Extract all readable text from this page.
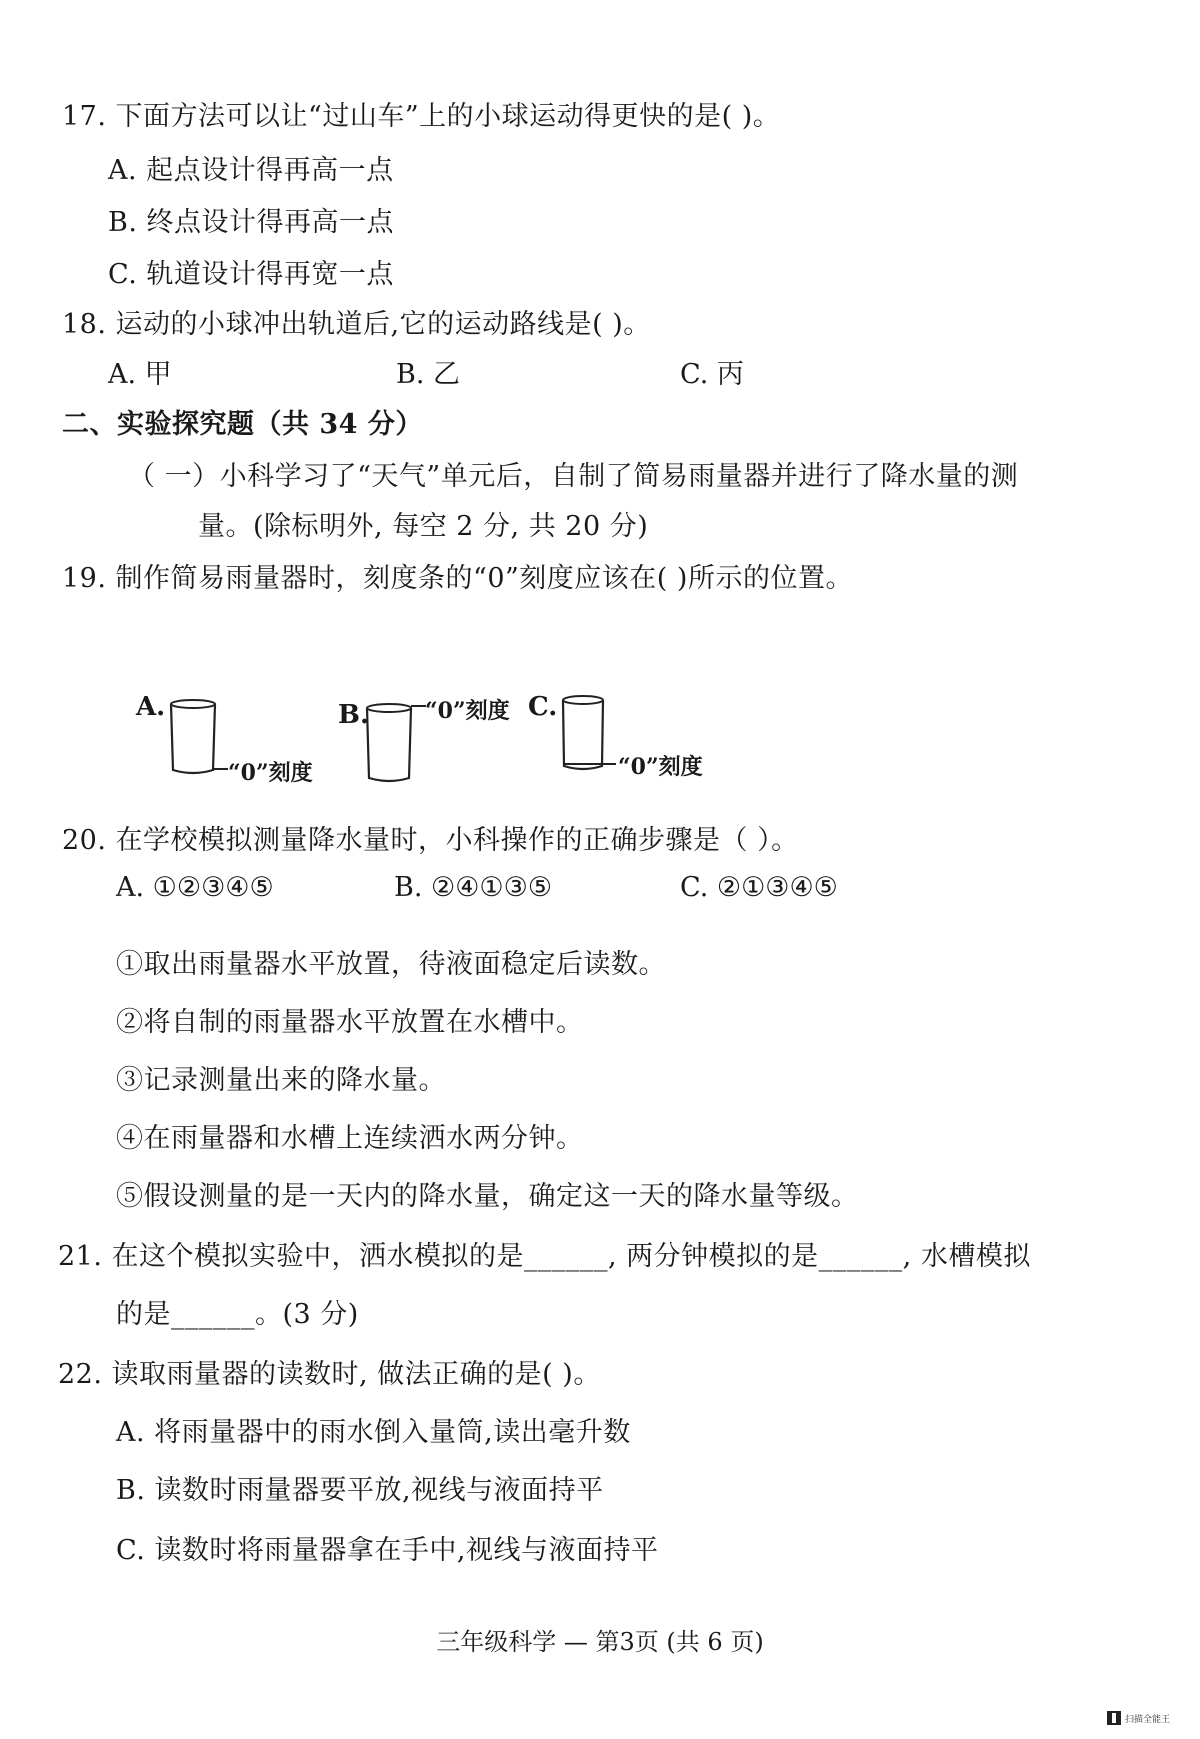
17. 下面方法可以让“过山车”上的小球运动得更快的是( )。
A. 起点设计得再高一点
B. 终点设计得再高一点
C. 轨道设计得再宽一点
18. 运动的小球冲出轨道后,它的运动路线是( )。
A. 甲	B. 乙	C. 丙
二、实验探究题（共 34 分）
（ 一）小科学习了“天气”单元后，自制了简易雨量器并进行了降水量的测
量。(除标明外, 每空 2 分, 共 20 分)
19. 制作简易雨量器时，刻度条的“0”刻度应该在( )所示的位置。
A.	B.	C.
“0”刻度
“0”刻度
“0”刻度
20. 在学校模拟测量降水量时，小科操作的正确步骤是（ ）。
A. ①②③④⑤	B. ②④①③⑤	C. ②①③④⑤
①取出雨量器水平放置，待液面稳定后读数。
②将自制的雨量器水平放置在水槽中。
③记录测量出来的降水量。
④在雨量器和水槽上连续洒水两分钟。
⑤假设测量的是一天内的降水量，确定这一天的降水量等级。
21. 在这个模拟实验中，洒水模拟的是______, 两分钟模拟的是______, 水槽模拟
的是______。(3 分)
22. 读取雨量器的读数时, 做法正确的是( )。
A. 将雨量器中的雨水倒入量筒,读出毫升数
B. 读数时雨量器要平放,视线与液面持平
C. 读数时将雨量器拿在手中,视线与液面持平
三年级科学 — 第3页 (共 6 页)
扫描全能王
